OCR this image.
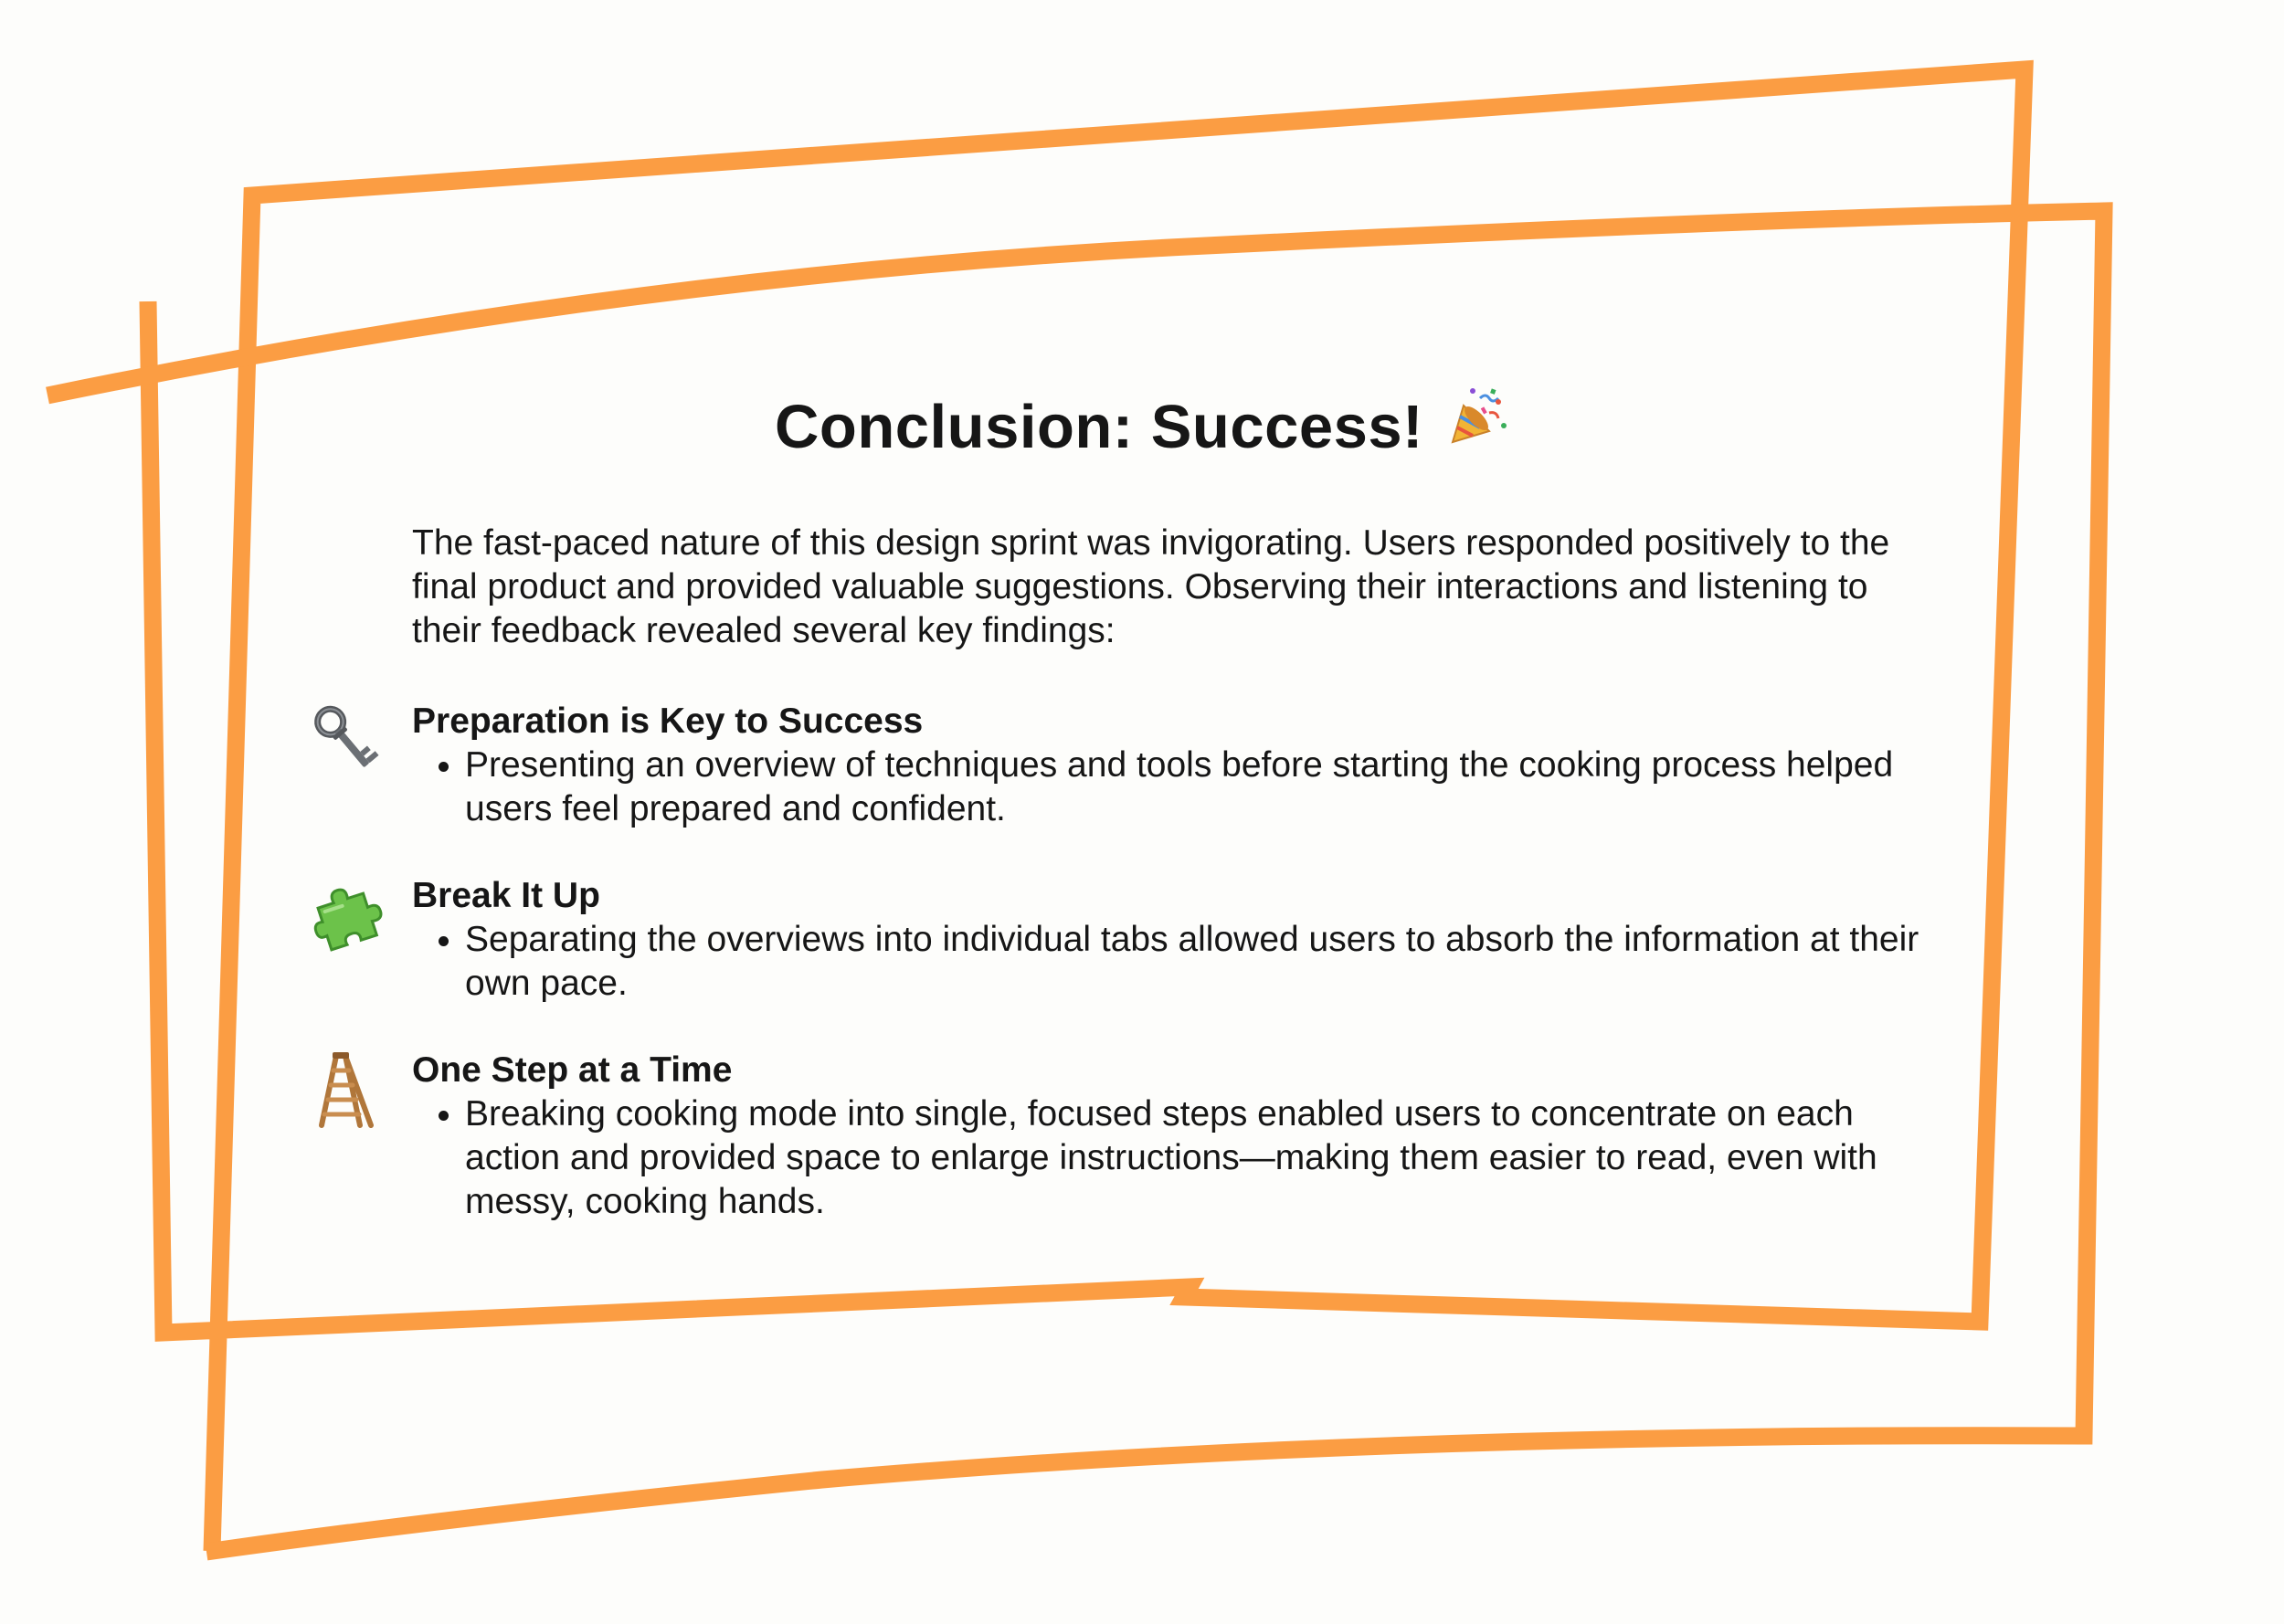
Conclusion: Success!

The fast-paced nature of this design sprint was invigorating. Users responded positively to the final product and provided valuable suggestions. Observing their interactions and listening to their feedback revealed several key findings:

Preparation is Key to Success
• Presenting an overview of techniques and tools before starting the cooking process helped users feel prepared and confident.
Break It Up
• Separating the overviews into individual tabs allowed users to absorb the information at their own pace.
One Step at a Time
• Breaking cooking mode into single, focused steps enabled users to concentrate on each action and provided space to enlarge instructions—making them easier to read, even with messy, cooking hands.
